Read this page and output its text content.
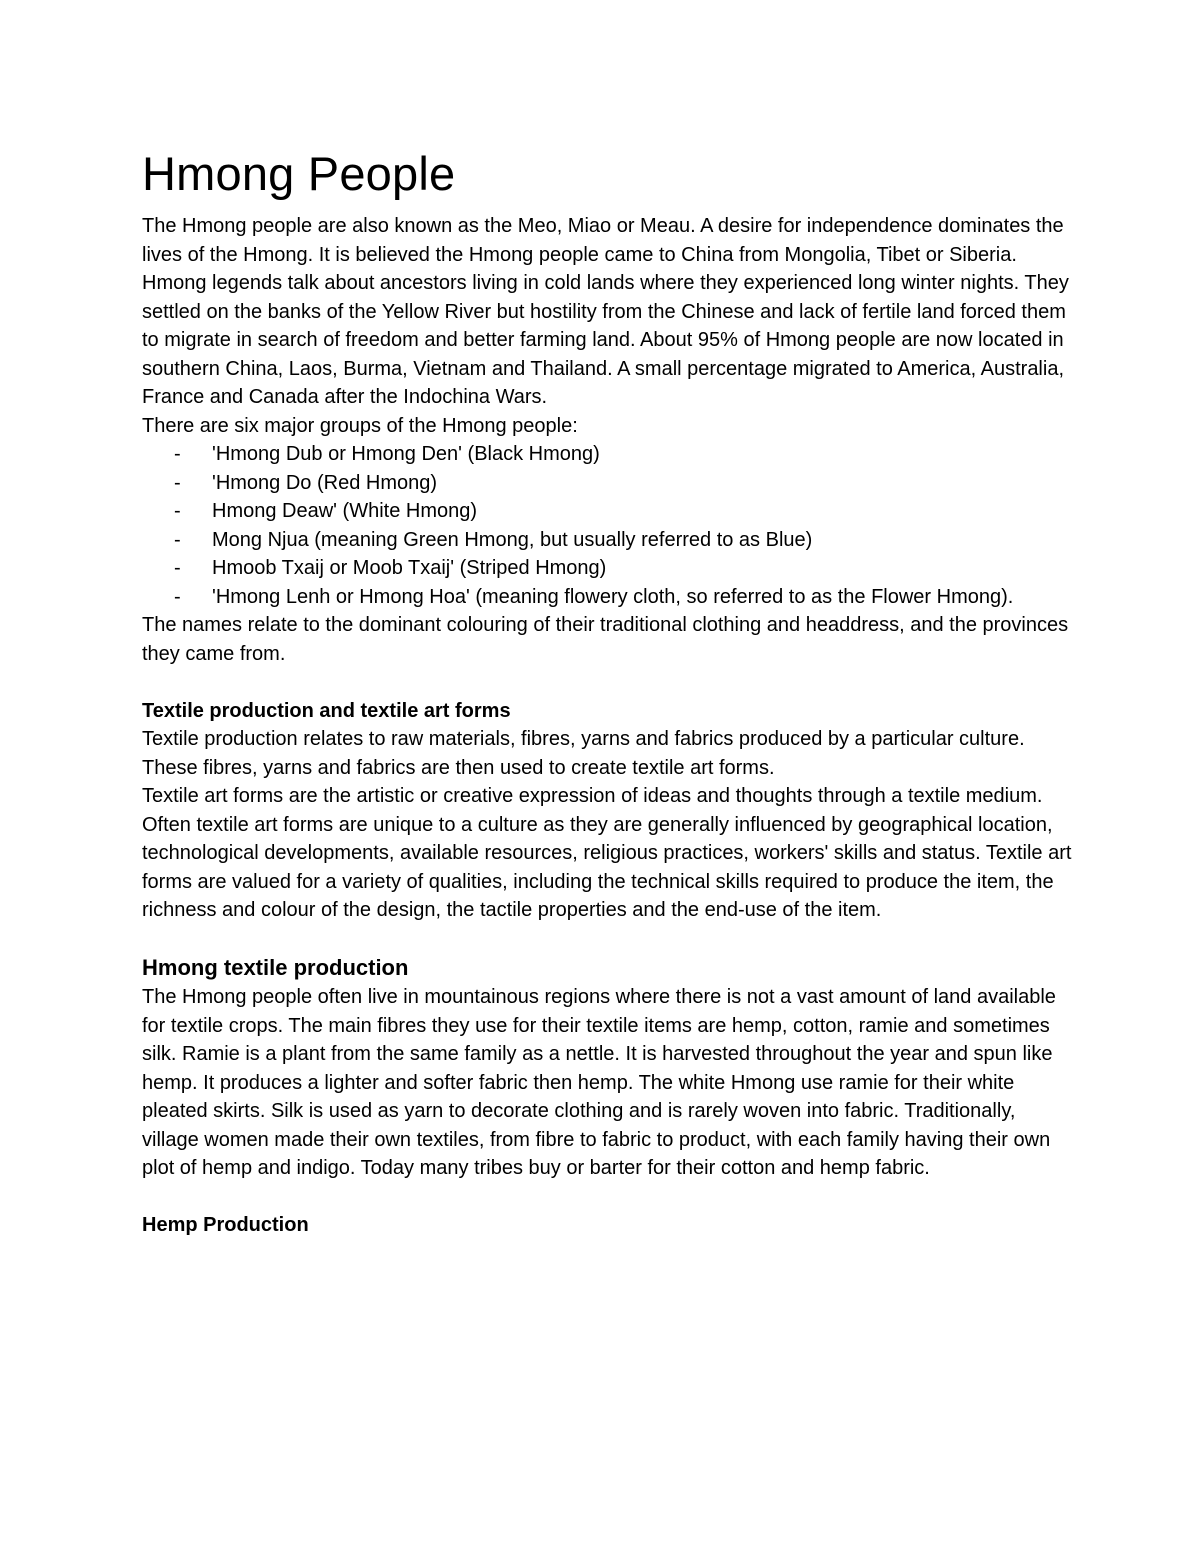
Hmong People

The Hmong people are also known as the Meo, Miao or Meau. A desire for independence dominates the lives of the Hmong. It is believed the Hmong people came to China from Mongolia, Tibet or Siberia. Hmong legends talk about ancestors living in cold lands where they experienced long winter nights. They settled on the banks of the Yellow River but hostility from the Chinese and lack of fertile land forced them to migrate in search of freedom and better farming land. About 95% of Hmong people are now located in southern China, Laos, Burma, Vietnam and Thailand. A small percentage migrated to America, Australia, France and Canada after the Indochina Wars.

There are six major groups of the Hmong people:

- 'Hmong Dub or Hmong Den' (Black Hmong)
- 'Hmong Do (Red Hmong)
- Hmong Deaw' (White Hmong)
- Mong Njua (meaning Green Hmong, but usually referred to as Blue)
- Hmoob Txaij or Moob Txaij' (Striped Hmong)
- 'Hmong Lenh or Hmong Hoa' (meaning flowery cloth, so referred to as the Flower Hmong).

The names relate to the dominant colouring of their traditional clothing and headdress, and the provinces they came from.

Textile production and textile art forms

Textile production relates to raw materials, fibres, yarns and fabrics produced by a particular culture. These fibres, yarns and fabrics are then used to create textile art forms.

Textile art forms are the artistic or creative expression of ideas and thoughts through a textile medium. Often textile art forms are unique to a culture as they are generally influenced by geographical location, technological developments, available resources, religious practices, workers' skills and status. Textile art forms are valued for a variety of qualities, including the technical skills required to produce the item, the richness and colour of the design, the tactile properties and the end-use of the item.

Hmong textile production

The Hmong people often live in mountainous regions where there is not a vast amount of land available for textile crops. The main fibres they use for their textile items are hemp, cotton, ramie and sometimes silk. Ramie is a plant from the same family as a nettle. It is harvested throughout the year and spun like hemp. It produces a lighter and softer fabric then hemp. The white Hmong use ramie for their white pleated skirts. Silk is used as yarn to decorate clothing and is rarely woven into fabric. Traditionally, village women made their own textiles, from fibre to fabric to product, with each family having their own plot of hemp and indigo. Today many tribes buy or barter for their cotton and hemp fabric.

Hemp Production
